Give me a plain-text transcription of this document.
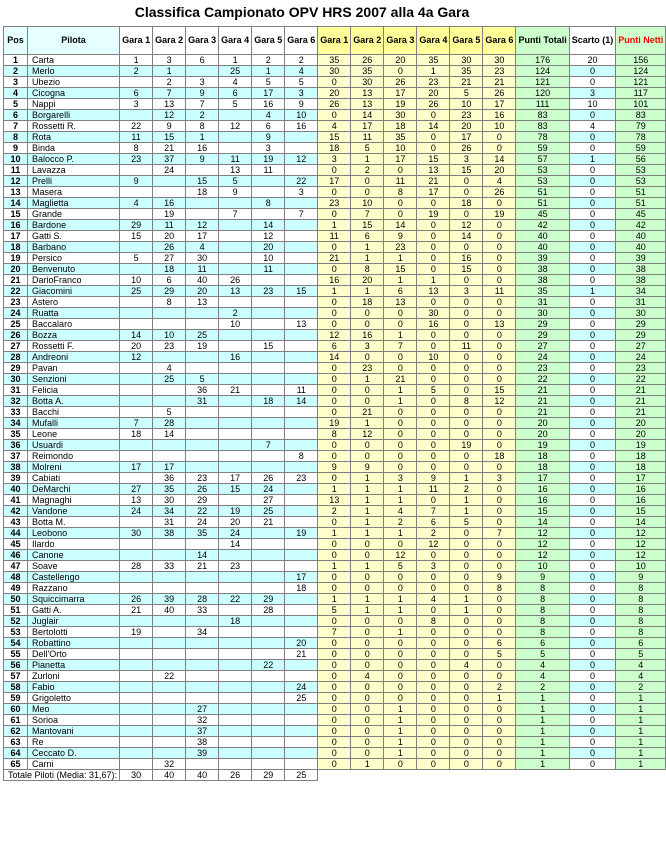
Classifica Campionato OPV HRS 2007 alla 4a Gara
Pos	Pilota	Gara 1	Gara 2	Gara 3	Gara 4	Gara 5	Gara 6	Gara 1	Gara 2	Gara 3	Gara 4	Gara 5	Gara 6	Punti Totali	Scarto (1)	Punti Netti
1	Carta	1	3	6	1	2	2	35	26	20	35	30	30	176	20	156
2	Merlo	2	1		25	1	4	30	35	0	1	35	23	124	0	124
3	Ubezio		2	3	4	5	5	0	30	26	23	21	21	121	0	121
4	Cicogna	6	7	9	6	17	3	20	13	17	20	5	26	120	3	117
5	Nappi	3	13	7	5	16	9	26	13	19	26	10	17	111	10	101
6	Borgarelli		12	2		4	10	0	14	30	0	23	16	83	0	83
7	Rossetti R.	22	9	8	12	6	16	4	17	18	14	20	10	83	4	79
8	Rota	11	15	1		9		15	11	35	0	17	0	78	0	78
9	Binda	8	21	16		3		18	5	10	0	26	0	59	0	59
10	Balocco P.	23	37	9	11	19	12	3	1	17	15	3	14	57	1	56
11	Lavazza		24		13	11		0	2	0	13	15	20	53	0	53
12	Prelli	9		15	5		22	17	0	11	21	0	4	53	0	53
13	Masera			18	9		3	0	0	8	17	0	26	51	0	51
14	Maglietta	4	16			8		23	10	0	0	18	0	51	0	51
15	Grande		19		7		7	0	7	0	19	0	19	45	0	45
16	Bardone	29	11	12		14		1	15	14	0	12	0	42	0	42
17	Gatti S.	15	20	17		12		11	6	9	0	14	0	40	0	40
18	Barbano		26	4		20		0	1	23	0	0	0	40	0	40
19	Persico	5	27	30		10		21	1	1	0	16	0	39	0	39
20	Benvenuto		18	11		11		0	8	15	0	15	0	38	0	38
21	DarioFranco	10	6	40	26			16	20	1	1	0	0	38	0	38
22	Giacomini	25	29	20	13	23	15	1	1	6	13	3	11	35	1	34
23	Astero		8	13				0	18	13	0	0	0	31	0	31
24	Ruatta				2			0	0	0	30	0	0	30	0	30
25	Baccalaro				10		13	0	0	0	16	0	13	29	0	29
26	Bozza	14	10	25				12	16	1	0	0	0	29	0	29
27	Rossetti F.	20	23	19		15		6	3	7	0	11	0	27	0	27
28	Andreoni	12			16			14	0	0	10	0	0	24	0	24
29	Pavan		4					0	23	0	0	0	0	23	0	23
30	Senzioni		25	5				0	1	21	0	0	0	22	0	22
31	Felicia			36	21		11	0	0	1	5	0	15	21	0	21
32	Botta A.			31		18	14	0	0	1	0	8	12	21	0	21
33	Bacchi		5					0	21	0	0	0	0	21	0	21
34	Mufalli	7	28					19	1	0	0	0	0	20	0	20
35	Leone	18	14					8	12	0	0	0	0	20	0	20
36	Usuardi					7		0	0	0	0	19	0	19	0	19
37	Reimondo						8	0	0	0	0	0	18	18	0	18
38	Molreni	17	17					9	9	0	0	0	0	18	0	18
39	Cabiati		36	23	17	26	23	0	1	3	9	1	3	17	0	17
40	DeMarchi	27	35	26	15	24		1	1	1	11	2	0	16	0	16
41	Magnaghi	13	30	29		27		13	1	1	0	1	0	16	0	16
42	Vandone	24	34	22	19	25		2	1	4	7	1	0	15	0	15
43	Botta M.		31	24	20	21		0	1	2	6	5	0	14	0	14
44	Leobono	30	38	35	24		19	1	1	1	2	0	7	12	0	12
45	Ilardo				14			0	0	0	12	0	0	12	0	12
46	Canone			14				0	0	12	0	0	0	12	0	12
47	Soave	28	33	21	23			1	1	5	3	0	0	10	0	10
48	Castellengo						17	0	0	0	0	0	9	9	0	9
49	Razzano						18	0	0	0	0	0	8	8	0	8
50	Squiccimarra	26	39	28	22	29		1	1	1	4	1	0	8	0	8
51	Gatti A.	21	40	33		28		5	1	1	0	1	0	8	0	8
52	Juglair				18			0	0	0	8	0	0	8	0	8
53	Bertolotti	19		34				7	0	1	0	0	0	8	0	8
54	Robattino						20	0	0	0	0	0	6	6	0	6
55	Dell'Orto						21	0	0	0	0	0	5	5	0	5
56	Pianetta					22		0	0	0	0	4	0	4	0	4
57	Zurloni		22					0	4	0	0	0	0	4	0	4
58	Fabio						24	0	0	0	0	0	2	2	0	2
59	Grigoletto						25	0	0	0	0	0	1	1	0	1
60	Meo			27				0	0	1	0	0	0	1	0	1
61	Sorioa			32				0	0	1	0	0	0	1	0	1
62	Mantovani			37				0	0	1	0	0	0	1	0	1
63	Re			38				0	0	1	0	0	0	1	0	1
64	Ceccato D.			39				0	0	1	0	0	0	1	0	1
65	Carni		32					0	1	0	0	0	0	1	0	1
Totale Piloti (Media: 31,67):		30	40	40	26	29	25									
